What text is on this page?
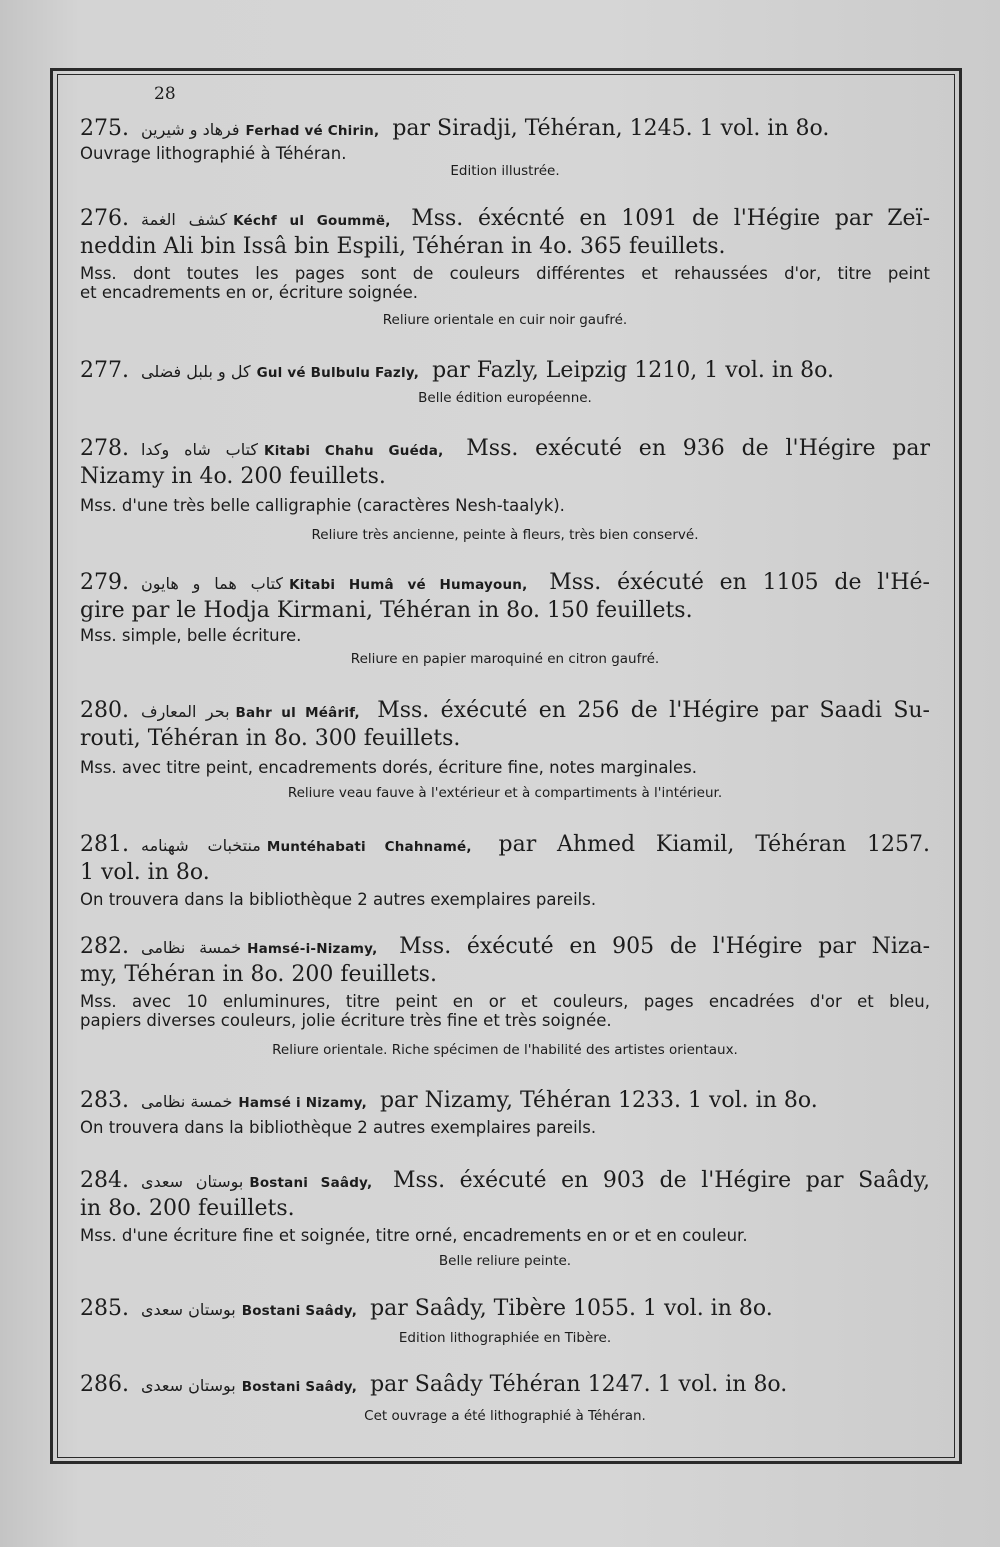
28
275. فرهاد و شيرين Ferhad vé Chirin, par Siradji, Téhéran, 1245. 1 vol. in 8o.
Ouvrage lithographié à Téhéran.
Edition illustrée.
276. كشف الغمة Kéchf ul Goummë, Mss. éxécnté en 1091 de l'Hégiɪe par Zeï-
neddin Ali bin Issâ bin Espili, Téhéran in 4o. 365 feuillets.
Mss. dont toutes les pages sont de couleurs différentes et rehaussées d'or, titre peint
et encadrements en or, écriture soignée.
Reliure orientale en cuir noir gaufré.
277. كل و بلبل فضلى Gul vé Bulbulu Fazly, par Fazly, Leipzig 1210, 1 vol. in 8o.
Belle édition européenne.
278. كتاب شاه وكدا Kitabi Chahu Guéda, Mss. exécuté en 936 de l'Hégire par
Nizamy in 4o. 200 feuillets.
Mss. d'une très belle calligraphie (caractères Nesh-taalyk).
Reliure très ancienne, peinte à fleurs, très bien conservé.
279. كتاب هما و هايون Kitabi Humâ vé Humayoun, Mss. éxécuté en 1105 de l'Hé-
gire par le Hodja Kirmani, Téhéran in 8o. 150 feuillets.
Mss. simple, belle écriture.
Reliure en papier maroquiné en citron gaufré.
280. بحر المعارف Bahr ul Méârif, Mss. éxécuté en 256 de l'Hégire par Saadi Su-
routi, Téhéran in 8o. 300 feuillets.
Mss. avec titre peint, encadrements dorés, écriture fine, notes marginales.
Reliure veau fauve à l'extérieur et à compartiments à l'intérieur.
281. منتخبات شهنامه Muntéhabati Chahnamé, par Ahmed Kiamil, Téhéran 1257.
1 vol. in 8o.
On trouvera dans la bibliothèque 2 autres exemplaires pareils.
282. خمسة نظامى Hamsé-i-Nizamy, Mss. éxécuté en 905 de l'Hégire par Niza-
my, Téhéran in 8o. 200 feuillets.
Mss. avec 10 enluminures, titre peint en or et couleurs, pages encadrées d'or et bleu,
papiers diverses couleurs, jolie écriture très fine et très soignée.
Reliure orientale. Riche spécimen de l'habilité des artistes orientaux.
283. خمسة نظامى Hamsé i Nizamy, par Nizamy, Téhéran 1233. 1 vol. in 8o.
On trouvera dans la bibliothèque 2 autres exemplaires pareils.
284. بوستان سعدى Bostani Saâdy, Mss. éxécuté en 903 de l'Hégire par Saâdy,
in 8o. 200 feuillets.
Mss. d'une écriture fine et soignée, titre orné, encadrements en or et en couleur.
Belle reliure peinte.
285. بوستان سعدى Bostani Saâdy, par Saâdy, Tibère 1055. 1 vol. in 8o.
Edition lithographiée en Tibère.
286. بوستان سعدى Bostani Saâdy, par Saâdy Téhéran 1247. 1 vol. in 8o.
Cet ouvrage a été lithographié à Téhéran.
